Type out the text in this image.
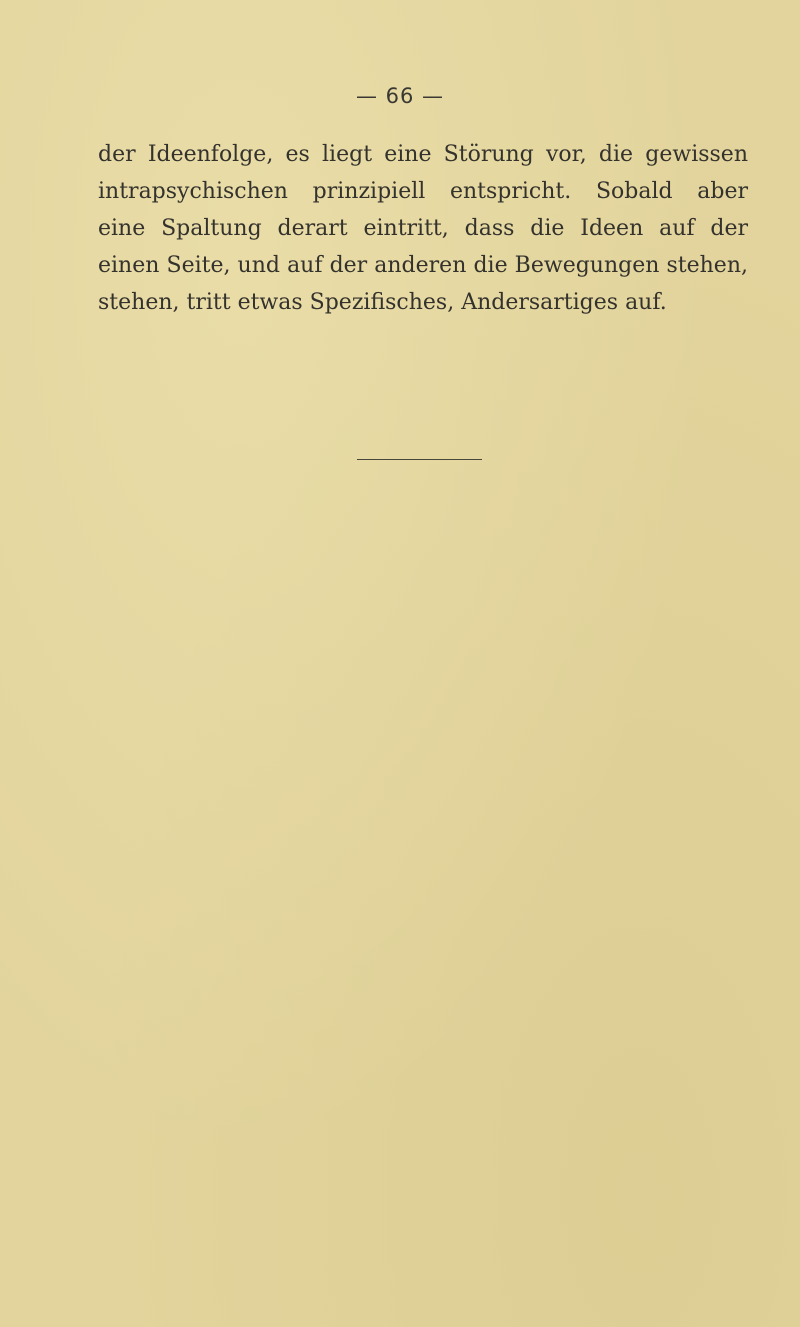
— 66 —
der Ideenfolge, es liegt eine Störung vor, die gewissen
intrapsychischen prinzipiell entspricht. Sobald aber
eine Spaltung derart eintritt, dass die Ideen auf der
einen Seite, und auf der anderen die Bewegungen stehen,
stehen, tritt etwas Spezifisches, Andersartiges auf.
